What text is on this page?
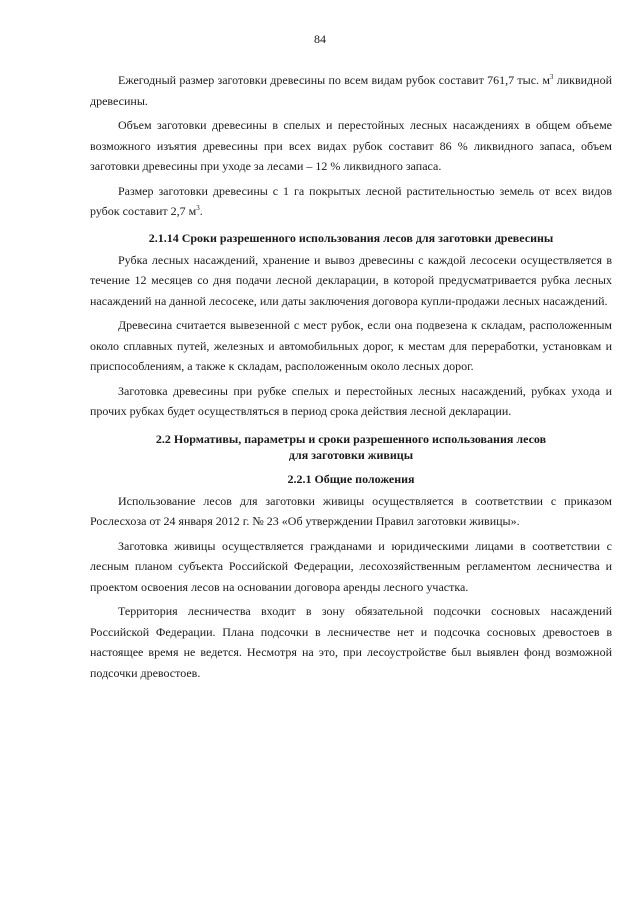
84

Ежегодный размер заготовки древесины по всем видам рубок составит 761,7 тыс. $м^3$ ликвидной древесины.

Объем заготовки древесины в спелых и перестойных лесных насаждениях в общем объеме возможного изъятия древесины при всех видах рубок составит 86 % ликвидного запаса, объем заготовки древесины при уходе за лесами – 12 % ликвидного запаса.

Размер заготовки древесины с 1 га покрытых лесной растительностью земель от всех видов рубок составит 2,7 $м^3$.

2.1.14 Сроки разрешенного использования лесов для заготовки древесины

Рубка лесных насаждений, хранение и вывоз древесины с каждой лесосеки осуществляется в течение 12 месяцев со дня подачи лесной декларации, в которой предусматривается рубка лесных насаждений на данной лесосеке, или даты заключения договора купли-продажи лесных насаждений.

Древесина считается вывезенной с мест рубок, если она подвезена к складам, расположенным около сплавных путей, железных и автомобильных дорог, к местам для переработки, установкам и приспособлениям, а также к складам, расположенным около лесных дорог.

Заготовка древесины при рубке спелых и перестойных лесных насаждений, рубках ухода и прочих рубках будет осуществляться в период срока действия лесной декларации.

2.2 Нормативы, параметры и сроки разрешенного использования лесов
для заготовки живицы
2.2.1 Общие положения

Использование лесов для заготовки живицы осуществляется в соответствии с приказом Рослесхоза от 24 января 2012 г. № 23 «Об утверждении Правил заготовки живицы».

Заготовка живицы осуществляется гражданами и юридическими лицами в соответствии с лесным планом субъекта Российской Федерации, лесохозяйственным регламентом лесничества и проектом освоения лесов на основании договора аренды лесного участка.

Территория лесничества входит в зону обязательной подсочки сосновых насаждений Российской Федерации. Плана подсочки в лесничестве нет и подсочка сосновых древостоев в настоящее время не ведется. Несмотря на это, при лесоустройстве был выявлен фонд возможной подсочки древостоев.
